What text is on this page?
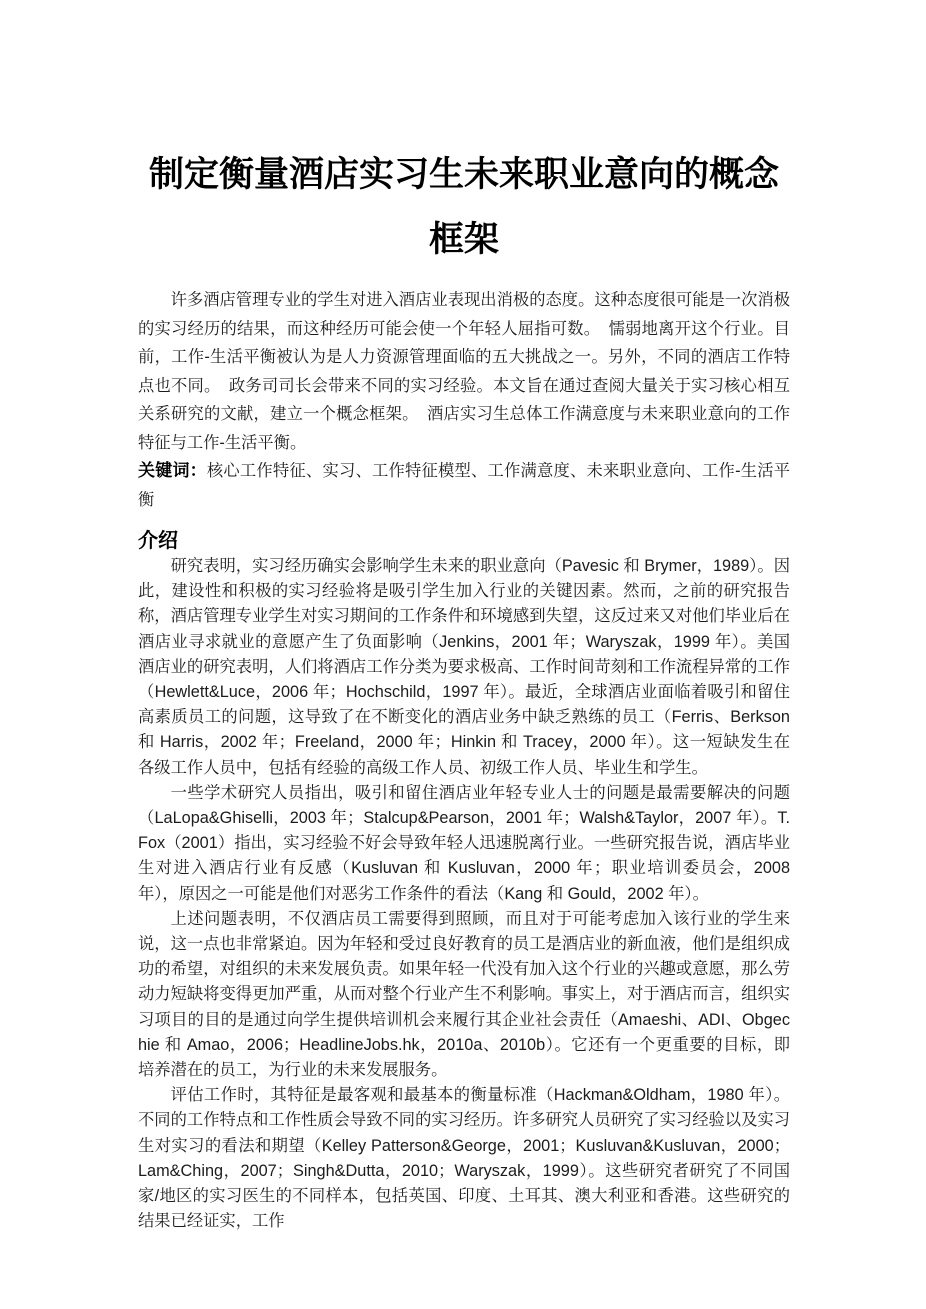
制定衡量酒店实习生未来职业意向的概念框架

许多酒店管理专业的学生对进入酒店业表现出消极的态度。这种态度很可能是一次消极的实习经历的结果，而这种经历可能会使一个年轻人屈指可数。　懦弱地离开这个行业。目前，工作-生活平衡被认为是人力资源管理面临的五大挑战之一。另外，不同的酒店工作特点也不同。　政务司司长会带来不同的实习经验。本文旨在通过查阅大量关于实习核心相互关系研究的文献，建立一个概念框架。　酒店实习生总体工作满意度与未来职业意向的工作特征与工作-生活平衡。

关键词：核心工作特征、实习、工作特征模型、工作满意度、未来职业意向、工作-生活平衡

介绍

研究表明，实习经历确实会影响学生未来的职业意向（Pavesic 和 Brymer，1989）。因此，建设性和积极的实习经验将是吸引学生加入行业的关键因素。然而，之前的研究报告称，酒店管理专业学生对实习期间的工作条件和环境感到失望，这反过来又对他们毕业后在酒店业寻求就业的意愿产生了负面影响（Jenkins，2001 年；Waryszak，1999 年）。美国酒店业的研究表明，人们将酒店工作分类为要求极高、工作时间苛刻和工作流程异常的工作（Hewlett&Luce，2006 年；Hochschild，1997 年）。最近，全球酒店业面临着吸引和留住高素质员工的问题，这导致了在不断变化的酒店业务中缺乏熟练的员工（Ferris、Berkson 和 Harris，2002 年；Freeland，2000 年；Hinkin 和 Tracey，2000 年）。这一短缺发生在各级工作人员中，包括有经验的高级工作人员、初级工作人员、毕业生和学生。

一些学术研究人员指出，吸引和留住酒店业年轻专业人士的问题是最需要解决的问题（LaLopa&Ghiselli，2003 年；Stalcup&Pearson，2001 年；Walsh&Taylor，2007 年）。T.Fox（2001）指出，实习经验不好会导致年轻人迅速脱离行业。一些研究报告说，酒店毕业生对进入酒店行业有反感（Kusluvan 和 Kusluvan，2000 年；职业培训委员会，2008 年），原因之一可能是他们对恶劣工作条件的看法（Kang 和 Gould，2002 年）。

上述问题表明，不仅酒店员工需要得到照顾，而且对于可能考虑加入该行业的学生来说，这一点也非常紧迫。因为年轻和受过良好教育的员工是酒店业的新血液，他们是组织成功的希望，对组织的未来发展负责。如果年轻一代没有加入这个行业的兴趣或意愿，那么劳动力短缺将变得更加严重，从而对整个行业产生不利影响。事实上，对于酒店而言，组织实习项目的目的是通过向学生提供培训机会来履行其企业社会责任（Amaeshi、ADI、Obgechie 和 Amao，2006；HeadlineJobs.hk，2010a、2010b）。它还有一个更重要的目标，即培养潜在的员工，为行业的未来发展服务。

评估工作时，其特征是最客观和最基本的衡量标准（Hackman&Oldham，1980 年）。不同的工作特点和工作性质会导致不同的实习经历。许多研究人员研究了实习经验以及实习生对实习的看法和期望（Kelley Patterson&George，2001；Kusluvan&Kusluvan，2000；Lam&Ching，2007；Singh&Dutta，2010；Waryszak，1999）。这些研究者研究了不同国家/地区的实习医生的不同样本，包括英国、印度、土耳其、澳大利亚和香港。这些研究的结果已经证实，工作
